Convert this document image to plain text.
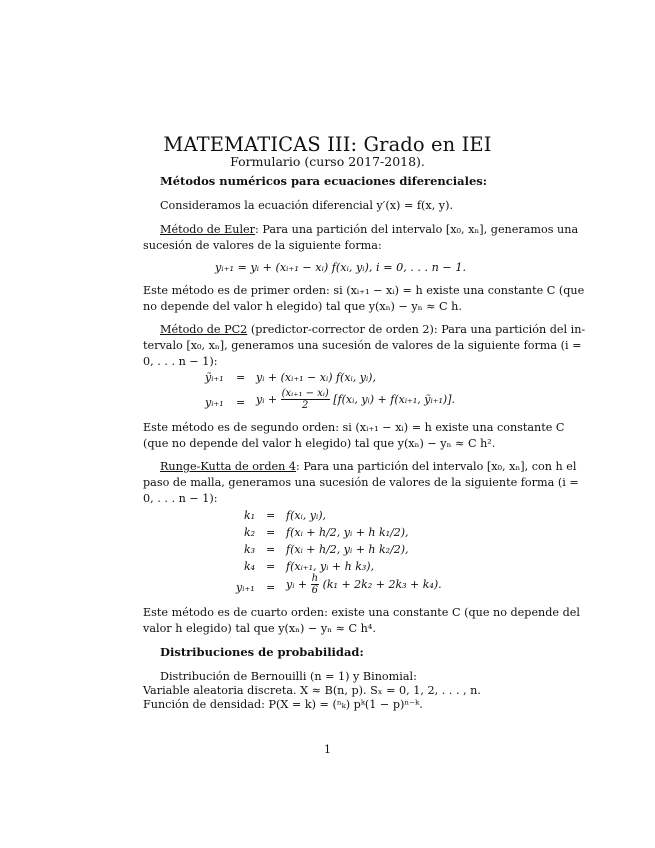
MATEMATICAS III: Grado en IEI
Formulario (curso 2017-2018).
Métodos numéricos para ecuaciones diferenciales:
Consideramos la ecuación diferencial y′(x) = f(x, y).
Método de Euler: Para una partición del intervalo [x₀, xₙ], generamos una
sucesión de valores de la siguiente forma:
yᵢ₊₁ = yᵢ + (xᵢ₊₁ − xᵢ) f(xᵢ, yᵢ), i = 0, . . . n − 1.
Este método es de primer orden: si (xᵢ₊₁ − xᵢ) = h existe una constante C (que
no depende del valor h elegido) tal que y(xₙ) − yₙ ≈ C h.
Método de PC2 (predictor-corrector de orden 2): Para una partición del in-
tervalo [x₀, xₙ], generamos una sucesión de valores de la siguiente forma (i =
0, . . . n − 1):
ỹᵢ₊₁ = yᵢ + (xᵢ₊₁ − xᵢ) f(xᵢ, yᵢ),
yᵢ₊₁ = yᵢ + $\frac{\text{(xᵢ₊₁ − xᵢ)}}{2}$ [f(xᵢ, yᵢ) + f(xᵢ₊₁, ỹᵢ₊₁)].
Este método es de segundo orden: si (xᵢ₊₁ − xᵢ) = h existe una constante C
(que no depende del valor h elegido) tal que y(xₙ) − yₙ ≈ C h².
Runge-Kutta de orden 4: Para una partición del intervalo [x₀, xₙ], con h el
paso de malla, generamos una sucesión de valores de la siguiente forma (i =
0, . . . n − 1):
k₁ = f(xᵢ, yᵢ),
k₂ = f(xᵢ + h/2, yᵢ + h k₁/2),
k₃ = f(xᵢ + h/2, yᵢ + h k₂/2),
k₄ = f(xᵢ₊₁, yᵢ + h k₃),
yᵢ₊₁ = yᵢ + $\frac{h}{6} (k_1 + 2k_2 + 2k_3 + k_4)$.
Este método es de cuarto orden: existe una constante C (que no depende del
valor h elegido) tal que y(xₙ) − yₙ ≈ C h⁴.
Distribuciones de probabilidad:
Distribución de Bernouilli (n = 1) y Binomial:
Variable aleatoria discreta. X ≈ B(n, p). Sₓ = 0, 1, 2, . . . , n.
Función de densidad: P(X = k) = (ⁿₖ) pᵏ(1 − p)ⁿ⁻ᵏ.
1
